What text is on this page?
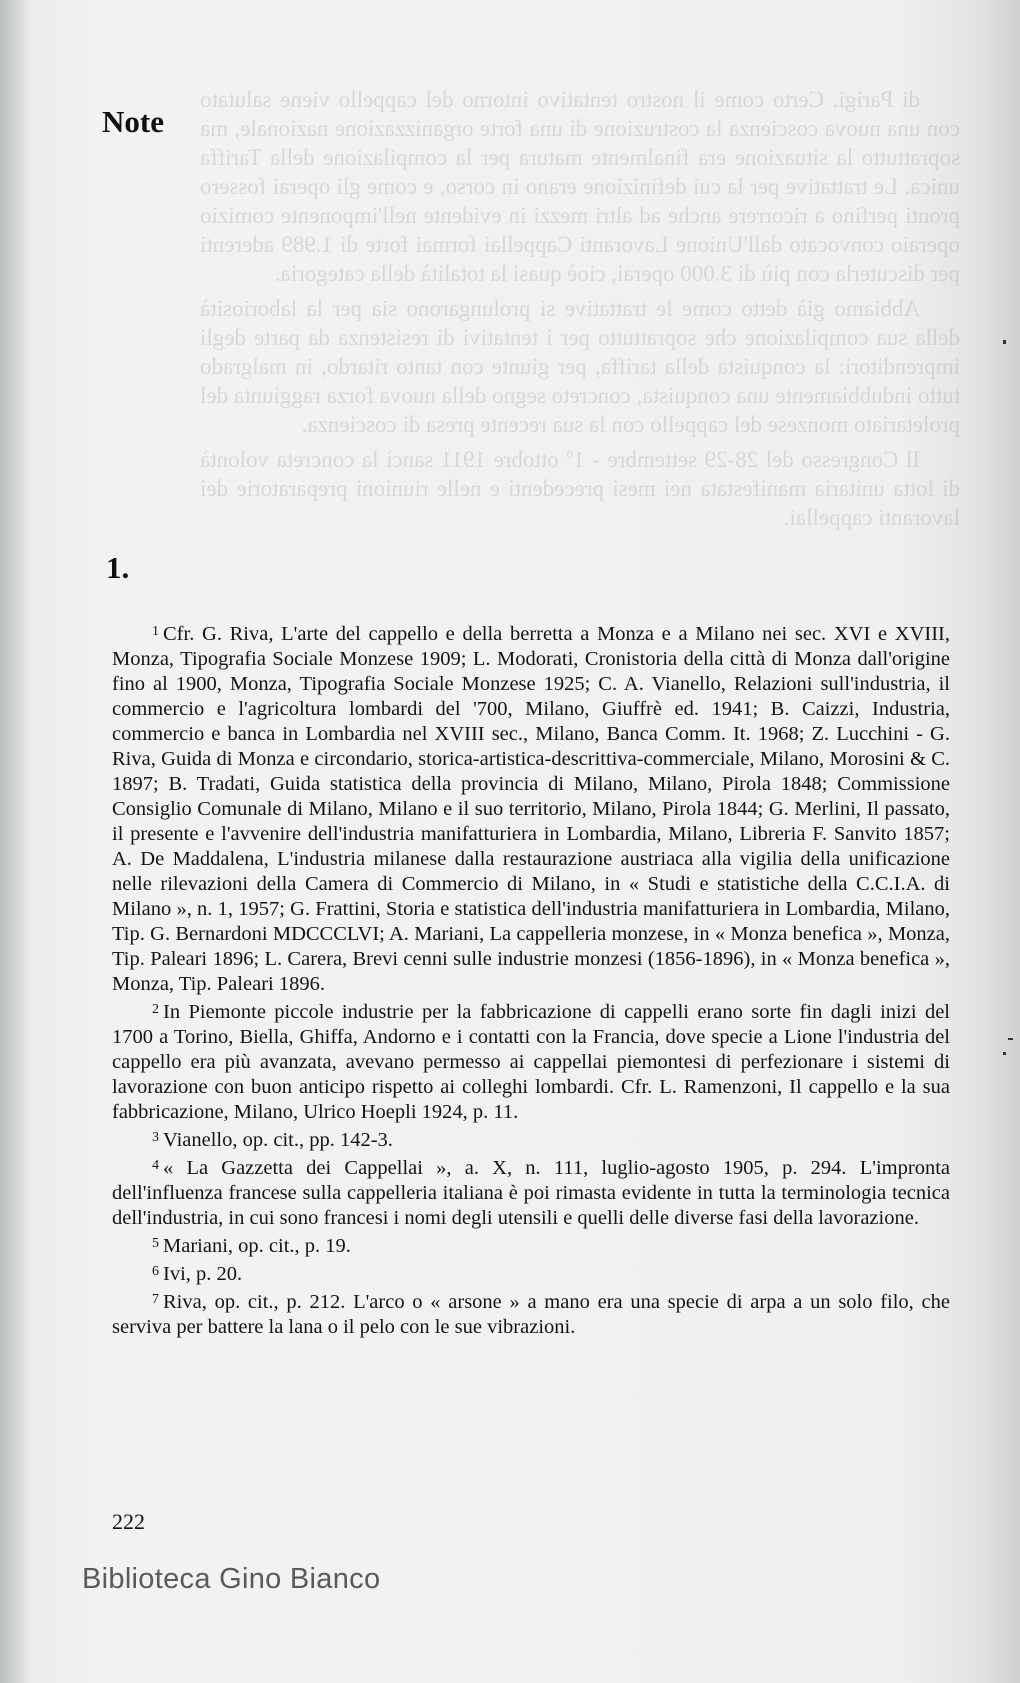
di Parigi. Certo come il nostro tentativo intorno del cappello viene salutato con una nuova coscienza la costruzione di una forte organizzazione nazionale, ma soprattutto la situazione era finalmente matura per la compilazione della Tariffa unica. Le trattative per la cui definizione erano in corso, e come gli operai fossero pronti perfino a ricorrere anche ad altri mezzi in evidente nell'imponente comizio operaio convocato dall'Unione Lavoranti Cappellai formai forte di 1.989 aderenti per discuterla con più di 3.000 operai, cioè quasi la totalità della categoria.

Abbiamo già detto come le trattative si prolungarono sia per la laboriosità della sua compilazione che soprattutto per i tentativi di resistenza da parte degli imprenditori: la conquista della tariffa, per giunte con tanto ritardo, in malgrado tutto indubbiamente una conquista, concreto segno della nuova forza raggiunta del proletariato monzese del cappello con la sua recente presa di coscienza.

Il Congresso del 28-29 settembre - 1º ottobre 1911 sancì la concreta volontà di lotta unitaria manifestata nei mesi precedenti e nelle riunioni preparatorie dei lavoranti cappellai.

Note
1.

$^1$ Cfr. G. Riva, L'arte del cappello e della berretta a Monza e a Milano nei sec. XVI e XVIII, Monza, Tipografia Sociale Monzese 1909; L. Modorati, Cronistoria della città di Monza dall'origine fino al 1900, Monza, Tipografia Sociale Monzese 1925; C. A. Vianello, Relazioni sull'industria, il commercio e l'agricoltura lombardi del '700, Milano, Giuffrè ed. 1941; B. Caizzi, Industria, commercio e banca in Lombardia nel XVIII sec., Milano, Banca Comm. It. 1968; Z. Lucchini - G. Riva, Guida di Monza e circondario, storica-artistica-descrittiva-commerciale, Milano, Morosini & C. 1897; B. Tradati, Guida statistica della provincia di Milano, Milano, Pirola 1848; Commissione Consiglio Comunale di Milano, Milano e il suo territorio, Milano, Pirola 1844; G. Merlini, Il passato, il presente e l'avvenire dell'industria manifatturiera in Lombardia, Milano, Libreria F. Sanvito 1857; A. De Maddalena, L'industria milanese dalla restaurazione austriaca alla vigilia della unificazione nelle rilevazioni della Camera di Commercio di Milano, in « Studi e statistiche della C.C.I.A. di Milano », n. 1, 1957; G. Frattini, Storia e statistica dell'industria manifatturiera in Lombardia, Milano, Tip. G. Bernardoni MDCCCLVI; A. Mariani, La cappelleria monzese, in « Monza benefica », Monza, Tip. Paleari 1896; L. Carera, Brevi cenni sulle industrie monzesi (1856-1896), in « Monza benefica », Monza, Tip. Paleari 1896.

$^2$ In Piemonte piccole industrie per la fabbricazione di cappelli erano sorte fin dagli inizi del 1700 a Torino, Biella, Ghiffa, Andorno e i contatti con la Francia, dove specie a Lione l'industria del cappello era più avanzata, avevano permesso ai cappellai piemontesi di perfezionare i sistemi di lavorazione con buon anticipo rispetto ai colleghi lombardi. Cfr. L. Ramenzoni, Il cappello e la sua fabbricazione, Milano, Ulrico Hoepli 1924, p. 11.

$^3$ Vianello, op. cit., pp. 142-3.

$^4$ « La Gazzetta dei Cappellai », a. X, n. 111, luglio-agosto 1905, p. 294. L'impronta dell'influenza francese sulla cappelleria italiana è poi rimasta evidente in tutta la terminologia tecnica dell'industria, in cui sono francesi i nomi degli utensili e quelli delle diverse fasi della lavorazione.

$^5$ Mariani, op. cit., p. 19.

$^6$ Ivi, p. 20.

$^7$ Riva, op. cit., p. 212. L'arco o « arsone » a mano era una specie di arpa a un solo filo, che serviva per battere la lana o il pelo con le sue vibrazioni.

222
Biblioteca Gino Bianco
